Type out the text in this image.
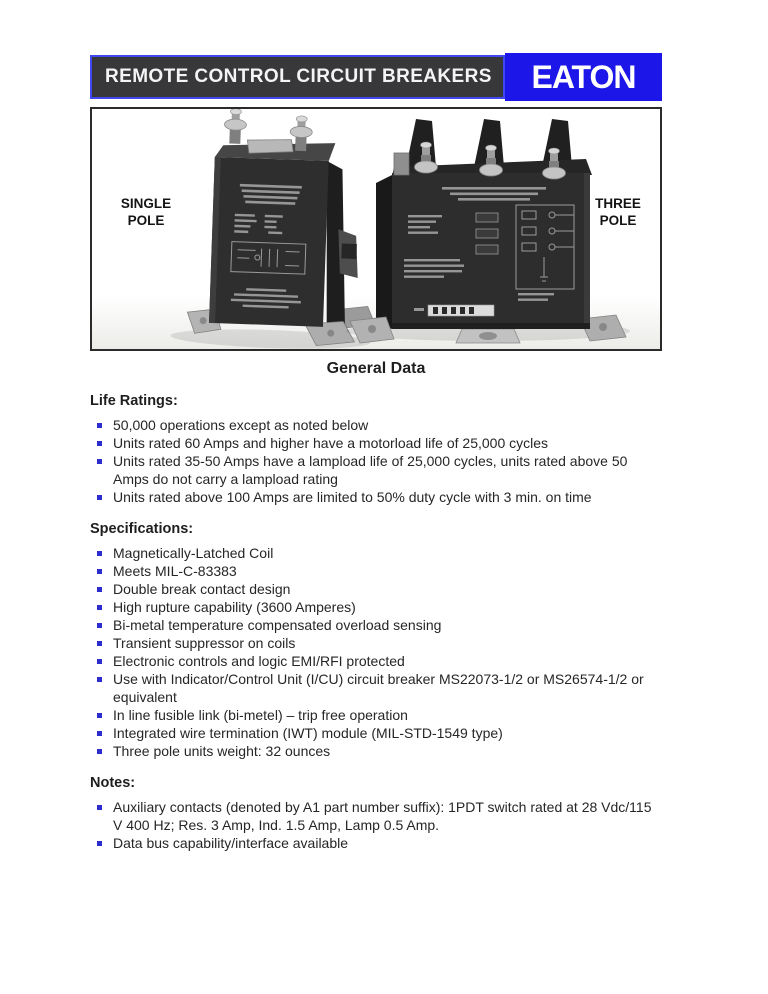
REMOTE CONTROL CIRCUIT BREAKERS EATON
SINGLE
POLE
THREE
POLE
General Data
Life Ratings:
50,000 operations except as noted below
Units rated 60 Amps and higher have a motorload life of 25,000 cycles
Units rated 35-50 Amps have a lampload life of 25,000 cycles, units rated above 50 Amps do not carry a lampload rating
Units rated above 100 Amps are limited to 50% duty cycle with 3 min. on time
Specifications:
Magnetically-Latched Coil
Meets MIL-C-83383
Double break contact design
High rupture capability (3600 Amperes)
Bi-metal temperature compensated overload sensing
Transient suppressor on coils
Electronic controls and logic EMI/RFI protected
Use with Indicator/Control Unit (I/CU) circuit breaker MS22073-1/2 or MS26574-1/2 or equivalent
In line fusible link (bi-metel) – trip free operation
Integrated wire termination (IWT) module (MIL-STD-1549 type)
Three pole units weight: 32 ounces
Notes:
Auxiliary contacts (denoted by A1 part number suffix): 1PDT switch rated at 28 Vdc/115 V 400 Hz; Res. 3 Amp, Ind. 1.5 Amp, Lamp 0.5 Amp.
Data bus capability/interface available
